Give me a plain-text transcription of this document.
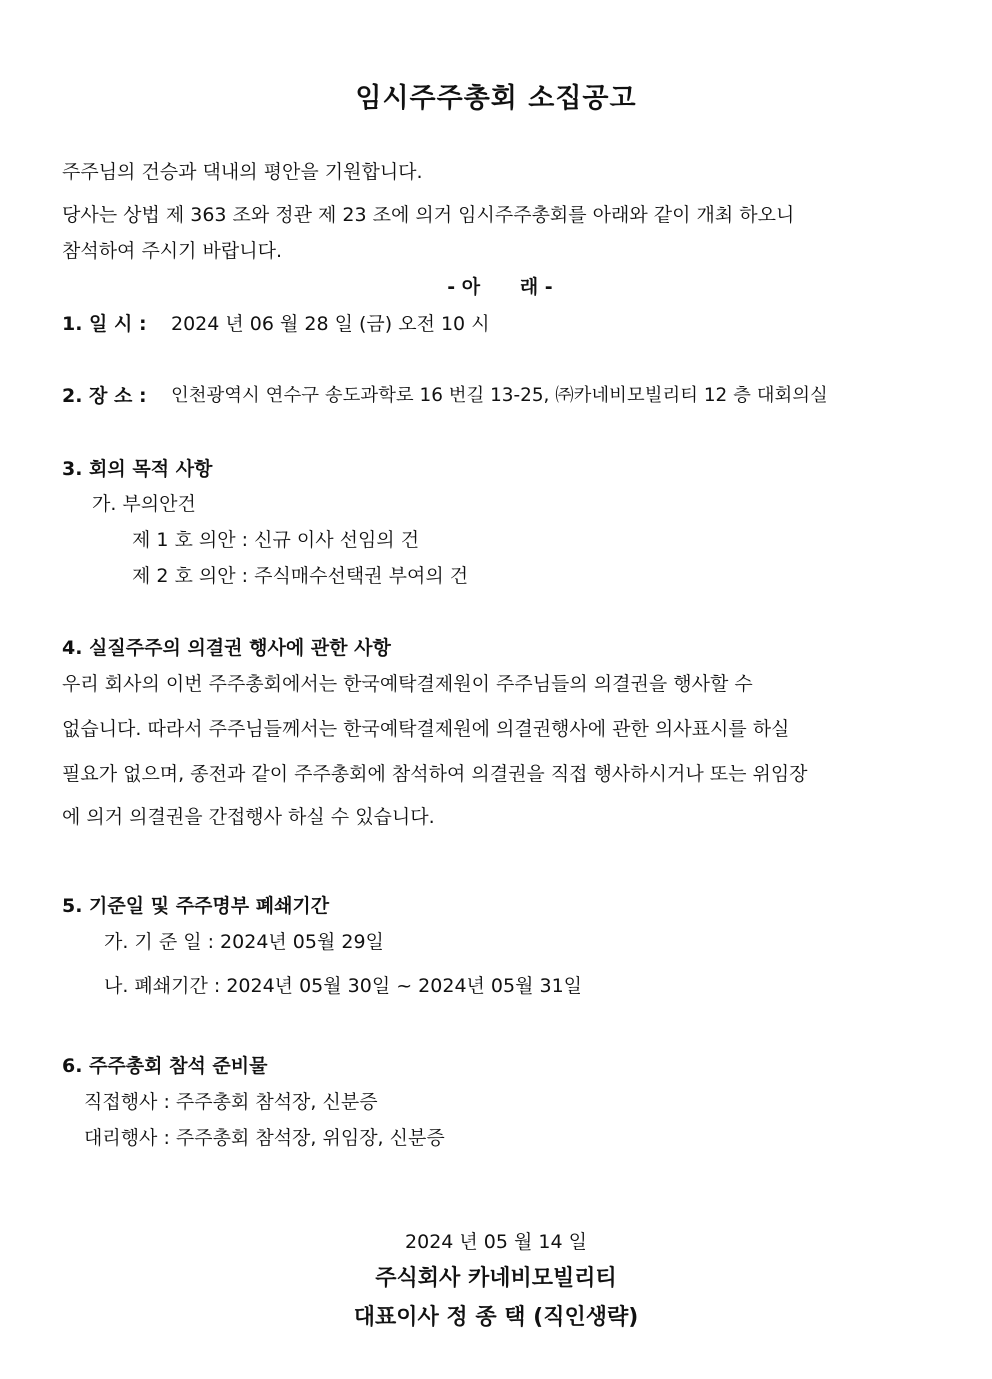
임시주주총회 소집공고
주주님의 건승과 댁내의 평안을 기원합니다.
당사는 상법 제 363 조와 정관 제 23 조에 의거 임시주주총회를 아래와 같이 개최 하오니
참석하여 주시기 바랍니다.
- 아      래 -
1. 일 시 : 2024 년 06 월 28 일 (금) 오전 10 시
2. 장 소 : 인천광역시 연수구 송도과학로 16 번길 13-25, ㈜카네비모빌리티 12 층 대회의실
3. 회의 목적 사항
가. 부의안건
제 1 호 의안 : 신규 이사 선임의 건
제 2 호 의안 : 주식매수선택권 부여의 건
4. 실질주주의 의결권 행사에 관한 사항
우리 회사의 이번 주주총회에서는 한국예탁결제원이 주주님들의 의결권을 행사할 수
없습니다. 따라서 주주님들께서는 한국예탁결제원에 의결권행사에 관한 의사표시를 하실
필요가 없으며, 종전과 같이 주주총회에 참석하여 의결권을 직접 행사하시거나 또는 위임장
에 의거 의결권을 간접행사 하실 수 있습니다.
5. 기준일 및 주주명부 폐쇄기간
가. 기 준 일 : 2024년 05월 29일
나. 폐쇄기간 : 2024년 05월 30일 ~ 2024년 05월 31일
6. 주주총회 참석 준비물
직접행사 : 주주총회 참석장, 신분증
대리행사 : 주주총회 참석장, 위임장, 신분증
2024 년 05 월 14 일
주식회사 카네비모빌리티
대표이사 정 종 택 (직인생략)
